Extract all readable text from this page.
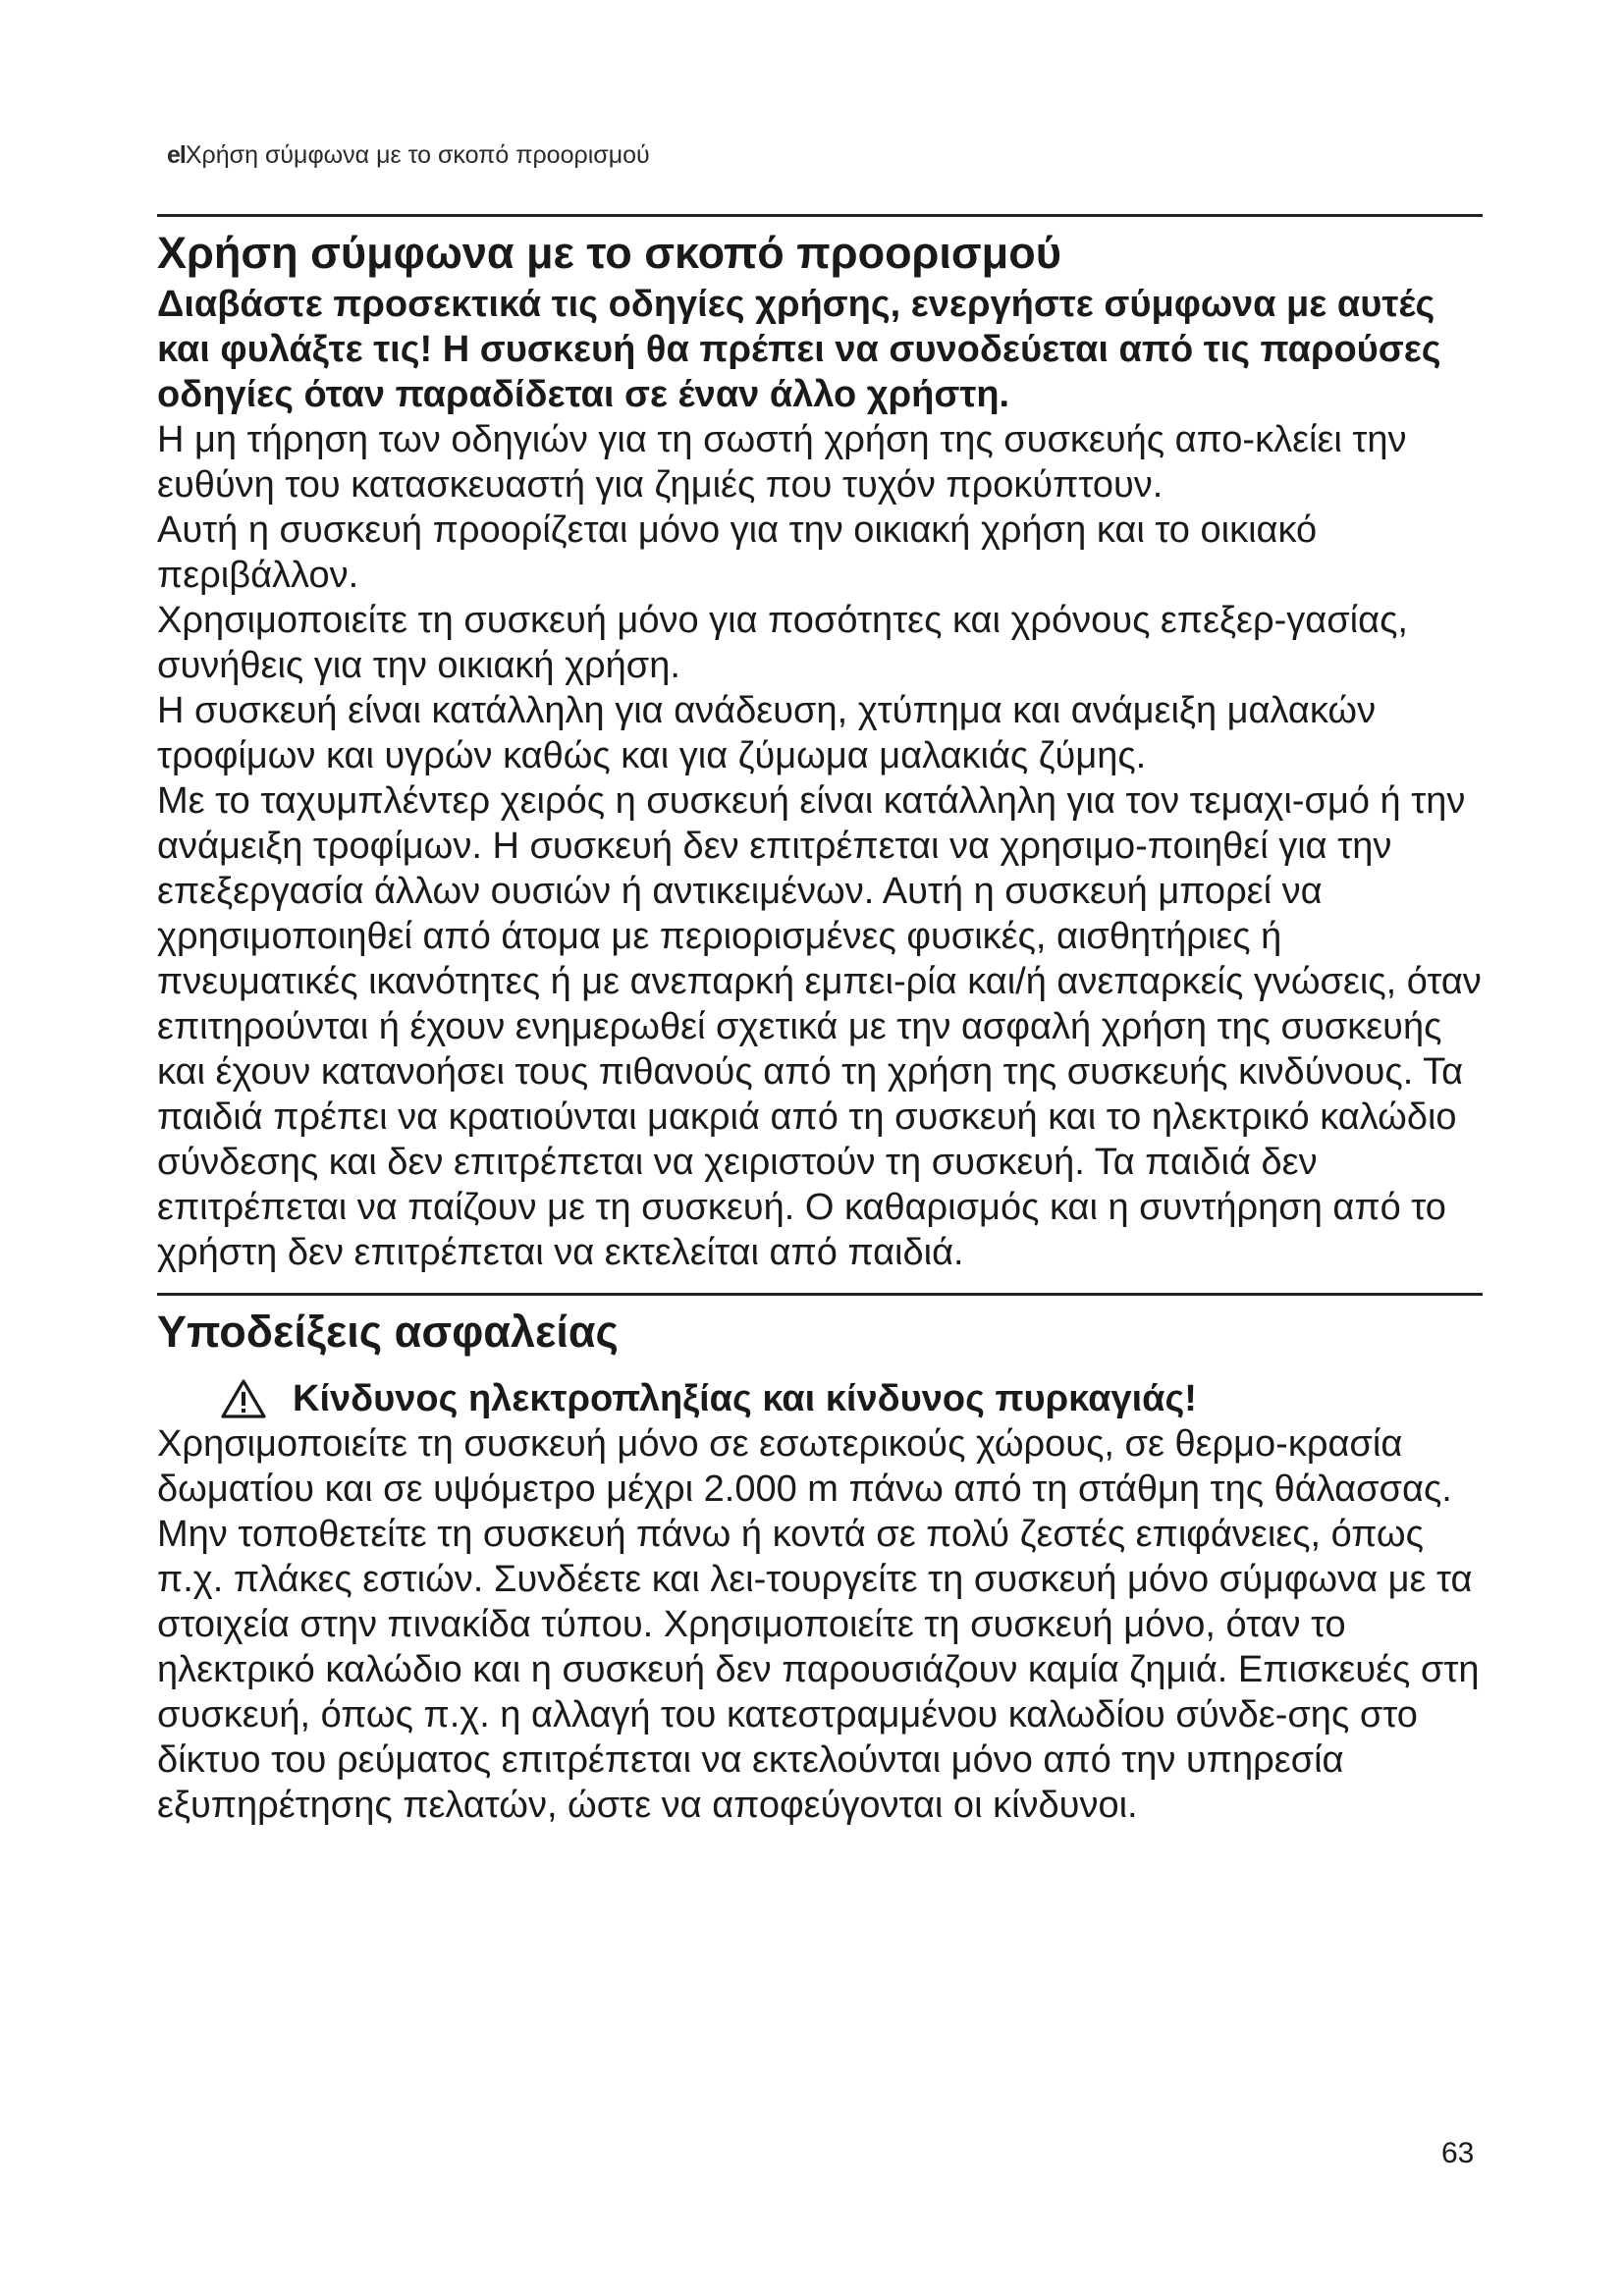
elΧρήση σύμφωνα με το σκοπό προορισμού
Χρήση σύμφωνα με το σκοπό προορισμού
Διαβάστε προσεκτικά τις οδηγίες χρήσης, ενεργήστε σύμφωνα με αυτές και φυλάξτε τις! Η συσκευή θα πρέπει να συνοδεύεται από τις παρούσες οδηγίες όταν παραδίδεται σε έναν άλλο χρήστη.

Η μη τήρηση των οδηγιών για τη σωστή χρήση της συσκευής απο-κλείει την ευθύνη του κατασκευαστή για ζημιές που τυχόν προκύπτουν.

Αυτή η συσκευή προορίζεται μόνο για την οικιακή χρήση και το οικιακό περιβάλλον.

Χρησιμοποιείτε τη συσκευή μόνο για ποσότητες και χρόνους επεξερ-γασίας, συνήθεις για την οικιακή χρήση.

Η συσκευή είναι κατάλληλη για ανάδευση, χτύπημα και ανάμειξη μαλακών τροφίμων και υγρών καθώς και για ζύμωμα μαλακιάς ζύμης.

Με το ταχυμπλέντερ χειρός η συσκευή είναι κατάλληλη για τον τεμαχι-σμό ή την ανάμειξη τροφίμων. Η συσκευή δεν επιτρέπεται να χρησιμο-ποιηθεί για την επεξεργασία άλλων ουσιών ή αντικειμένων. Αυτή η συσκευή μπορεί να χρησιμοποιηθεί από άτομα με περιορισμένες φυσικές, αισθητήριες ή πνευματικές ικανότητες ή με ανεπαρκή εμπει-ρία και/ή ανεπαρκείς γνώσεις, όταν επιτηρούνται ή έχουν ενημερωθεί σχετικά με την ασφαλή χρήση της συσκευής και έχουν κατανοήσει τους πιθανούς από τη χρήση της συσκευής κινδύνους. Τα παιδιά πρέπει να κρατιούνται μακριά από τη συσκευή και το ηλεκτρικό καλώδιο σύνδεσης και δεν επιτρέπεται να χειριστούν τη συσκευή. Τα παιδιά δεν επιτρέπεται να παίζουν με τη συσκευή. Ο καθαρισμός και η συντήρηση από το χρήστη δεν επιτρέπεται να εκτελείται από παιδιά.

Υποδείξεις ασφαλείας
Κίνδυνος ηλεκτροπληξίας και κίνδυνος πυρκαγιάς!

Χρησιμοποιείτε τη συσκευή μόνο σε εσωτερικούς χώρους, σε θερμο-κρασία δωματίου και σε υψόμετρο μέχρι 2.000 m πάνω από τη στάθμη της θάλασσας. Μην τοποθετείτε τη συσκευή πάνω ή κοντά σε πολύ ζεστές επιφάνειες, όπως π.χ. πλάκες εστιών. Συνδέετε και λει-τουργείτε τη συσκευή μόνο σύμφωνα με τα στοιχεία στην πινακίδα τύπου. Χρησιμοποιείτε τη συσκευή μόνο, όταν το ηλεκτρικό καλώδιο και η συσκευή δεν παρουσιάζουν καμία ζημιά. Επισκευές στη συσκευή, όπως π.χ. η αλλαγή του κατεστραμμένου καλωδίου σύνδε-σης στο δίκτυο του ρεύματος επιτρέπεται να εκτελούνται μόνο από την υπηρεσία εξυπηρέτησης πελατών, ώστε να αποφεύγονται οι κίνδυνοι.

63
